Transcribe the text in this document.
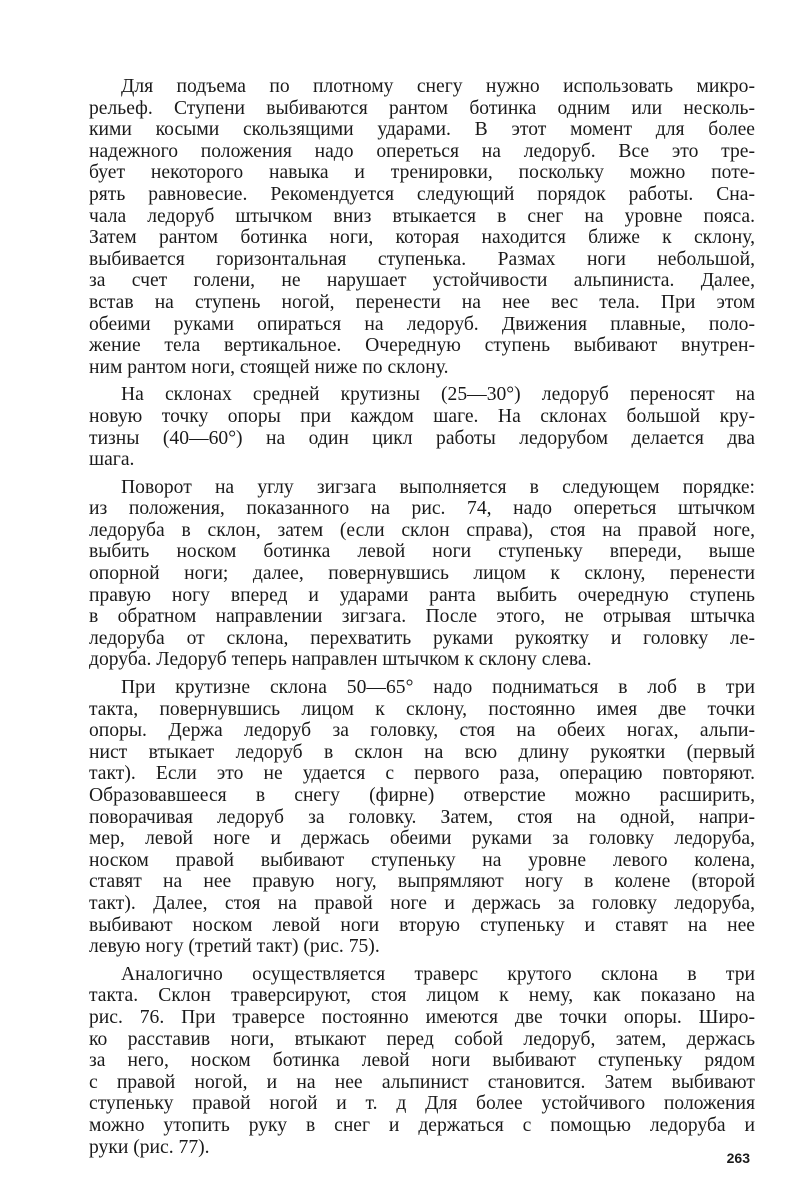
Для подъема по плотному снегу нужно использовать микро-
рельеф. Ступени выбиваются рантом ботинка одним или несколь-
кими косыми скользящими ударами. В этот момент для более
надежного положения надо опереться на ледоруб. Все это тре-
бует некоторого навыка и тренировки, поскольку можно поте-
рять равновесие. Рекомендуется следующий порядок работы. Сна-
чала ледоруб штычком вниз втыкается в снег на уровне пояса.
Затем рантом ботинка ноги, которая находится ближе к склону,
выбивается горизонтальная ступенька. Размах ноги небольшой,
за счет голени, не нарушает устойчивости альпиниста. Далее,
встав на ступень ногой, перенести на нее вес тела. При этом
обеими руками опираться на ледоруб. Движения плавные, поло-
жение тела вертикальное. Очередную ступень выбивают внутрен-
ним рантом ноги, стоящей ниже по склону.
На склонах средней крутизны (25—30°) ледоруб переносят на
новую точку опоры при каждом шаге. На склонах большой кру-
тизны (40—60°) на один цикл работы ледорубом делается два
шага.
Поворот на углу зигзага выполняется в следующем порядке:
из положения, показанного на рис. 74, надо опереться штычком
ледоруба в склон, затем (если склон справа), стоя на правой ноге,
выбить носком ботинка левой ноги ступеньку впереди, выше
опорной ноги; далее, повернувшись лицом к склону, перенести
правую ногу вперед и ударами ранта выбить очередную ступень
в обратном направлении зигзага. После этого, не отрывая штычка
ледоруба от склона, перехватить руками рукоятку и головку ле-
доруба. Ледоруб теперь направлен штычком к склону слева.
При крутизне склона 50—65° надо подниматься в лоб в три
такта, повернувшись лицом к склону, постоянно имея две точки
опоры. Держа ледоруб за головку, стоя на обеих ногах, альпи-
нист втыкает ледоруб в склон на всю длину рукоятки (первый
такт). Если это не удается с первого раза, операцию повторяют.
Образовавшееся в снегу (фирне) отверстие можно расширить,
поворачивая ледоруб за головку. Затем, стоя на одной, напри-
мер, левой ноге и держась обеими руками за головку ледоруба,
носком правой выбивают ступеньку на уровне левого колена,
ставят на нее правую ногу, выпрямляют ногу в колене (второй
такт). Далее, стоя на правой ноге и держась за головку ледоруба,
выбивают носком левой ноги вторую ступеньку и ставят на нее
левую ногу (третий такт) (рис. 75).
Аналогично осуществляется траверс крутого склона в три
такта. Склон траверсируют, стоя лицом к нему, как показано на
рис. 76. При траверсе постоянно имеются две точки опоры. Широ-
ко расставив ноги, втыкают перед собой ледоруб, затем, держась
за него, носком ботинка левой ноги выбивают ступеньку рядом
с правой ногой, и на нее альпинист становится. Затем выбивают
ступеньку правой ногой и т. д Для более устойчивого положения
можно утопить руку в снег и держаться с помощью ледоруба и
руки (рис. 77).
263
